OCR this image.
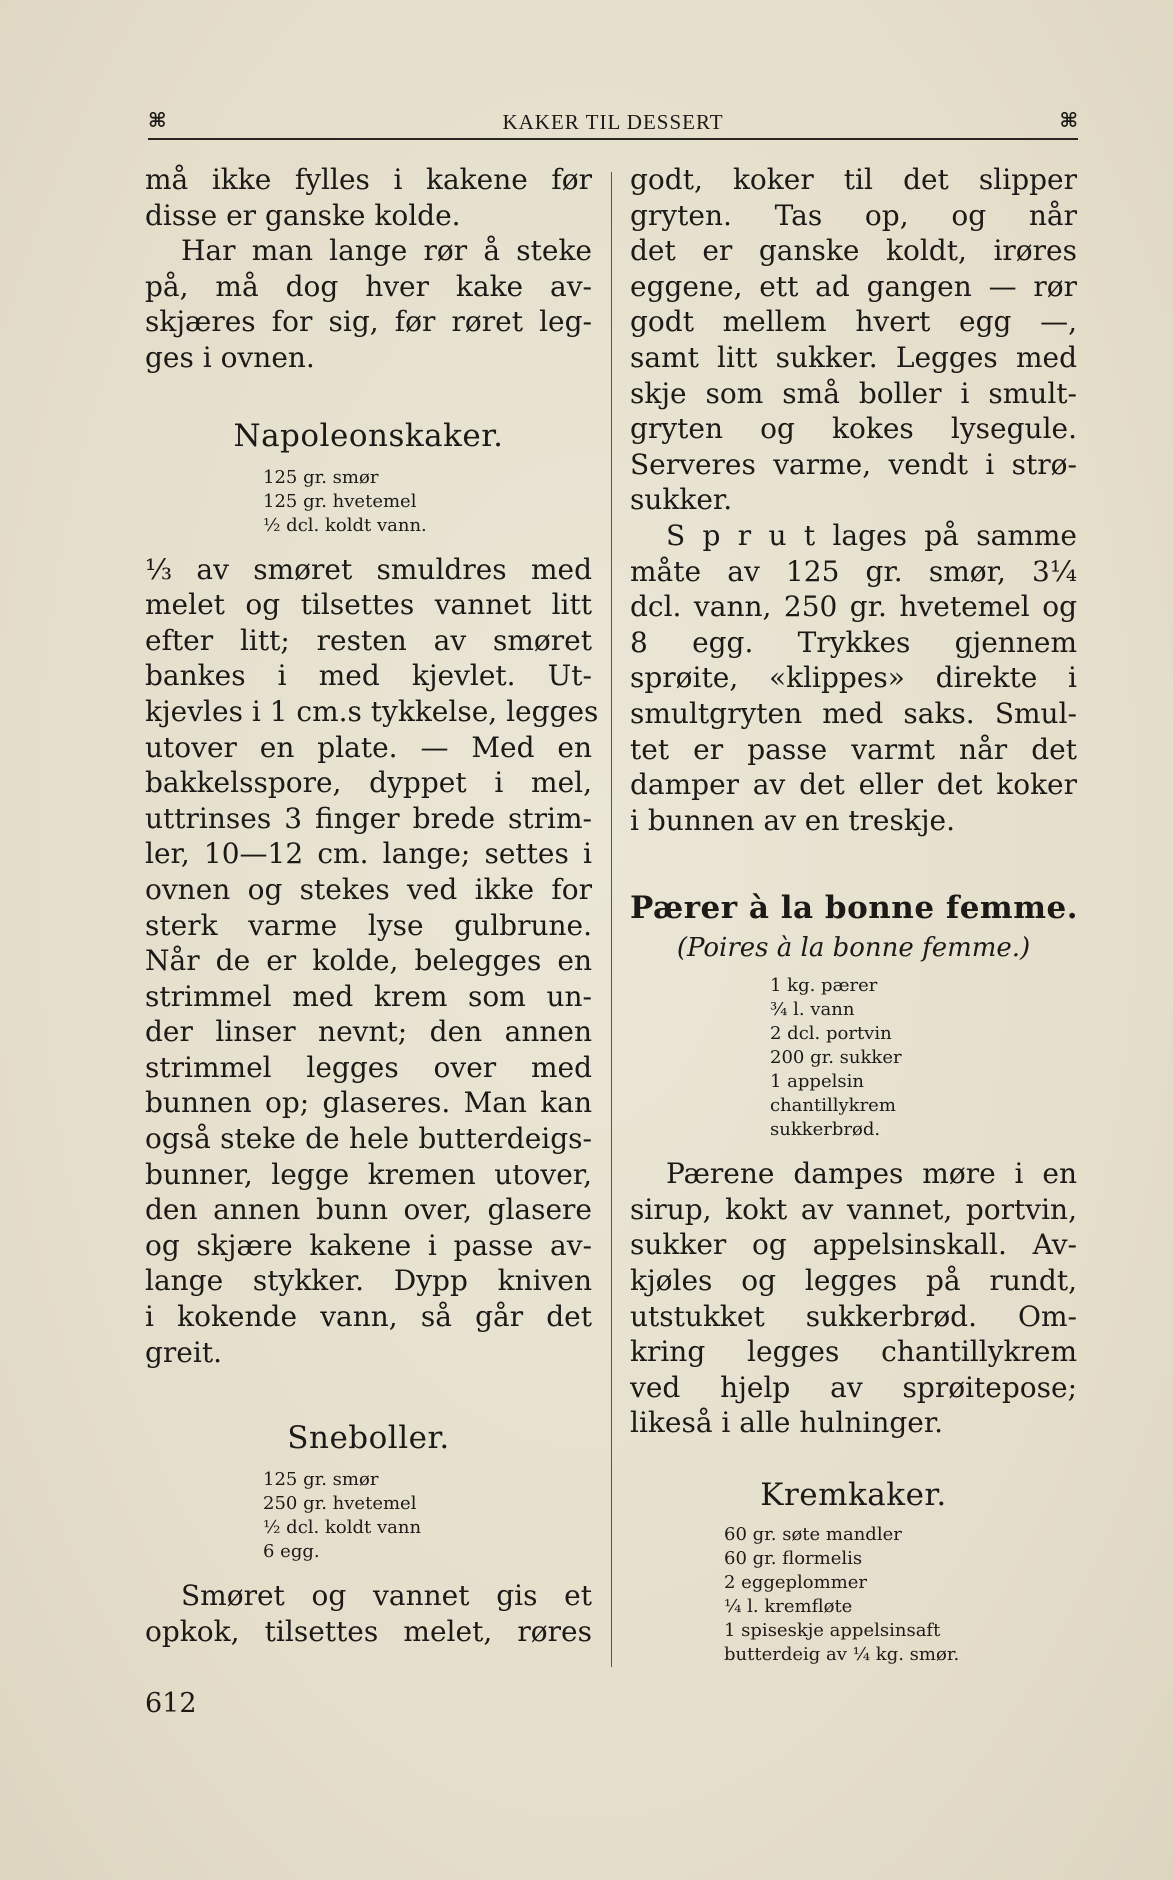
⌘	KAKER TIL DESSERT	⌘
må ikke fylles i kakene før
disse er ganske kolde.
Har man lange rør å steke
på, må dog hver kake av-
skjæres for sig, før røret leg-
ges i ovnen.
Napoleonskaker.
125 gr. smør
125 gr. hvetemel
½ dcl. koldt vann.
⅓ av smøret smuldres med
melet og tilsettes vannet litt
efter litt; resten av smøret
bankes i med kjevlet. Ut-
kjevles i 1 cm.s tykkelse, legges
utover en plate. — Med en
bakkelsspore, dyppet i mel,
uttrinses 3 finger brede strim-
ler, 10—12 cm. lange; settes i
ovnen og stekes ved ikke for
sterk varme lyse gulbrune.
Når de er kolde, belegges en
strimmel med krem som un-
der linser nevnt; den annen
strimmel legges over med
bunnen op; glaseres. Man kan
også steke de hele butterdeigs-
bunner, legge kremen utover,
den annen bunn over, glasere
og skjære kakene i passe av-
lange stykker. Dypp kniven
i kokende vann, så går det
greit.
Sneboller.
125 gr. smør
250 gr. hvetemel
½ dcl. koldt vann
6 egg.
Smøret og vannet gis et
opkok, tilsettes melet, røres
612
godt, koker til det slipper
gryten. Tas op, og når
det er ganske koldt, irøres
eggene, ett ad gangen — rør
godt mellem hvert egg —,
samt litt sukker. Legges med
skje som små boller i smult-
gryten og kokes lysegule.
Serveres varme, vendt i strø-
sukker.
S p r u t lages på samme
måte av 125 gr. smør, 3¼
dcl. vann, 250 gr. hvetemel og
8 egg. Trykkes gjennem
sprøite, «klippes» direkte i
smultgryten med saks. Smul-
tet er passe varmt når det
damper av det eller det koker
i bunnen av en treskje.
Pærer à la bonne femme.
(Poires à la bonne femme.)
1 kg. pærer
¾ l. vann
2 dcl. portvin
200 gr. sukker
1 appelsin
chantillykrem
sukkerbrød.
Pærene dampes møre i en
sirup, kokt av vannet, portvin,
sukker og appelsinskall. Av-
kjøles og legges på rundt,
utstukket sukkerbrød. Om-
kring legges chantillykrem
ved hjelp av sprøitepose;
likeså i alle hulninger.
Kremkaker.
60 gr. søte mandler
60 gr. flormelis
2 eggeplommer
¼ l. kremfløte
1 spiseskje appelsinsaft
butterdeig av ¼ kg. smør.
